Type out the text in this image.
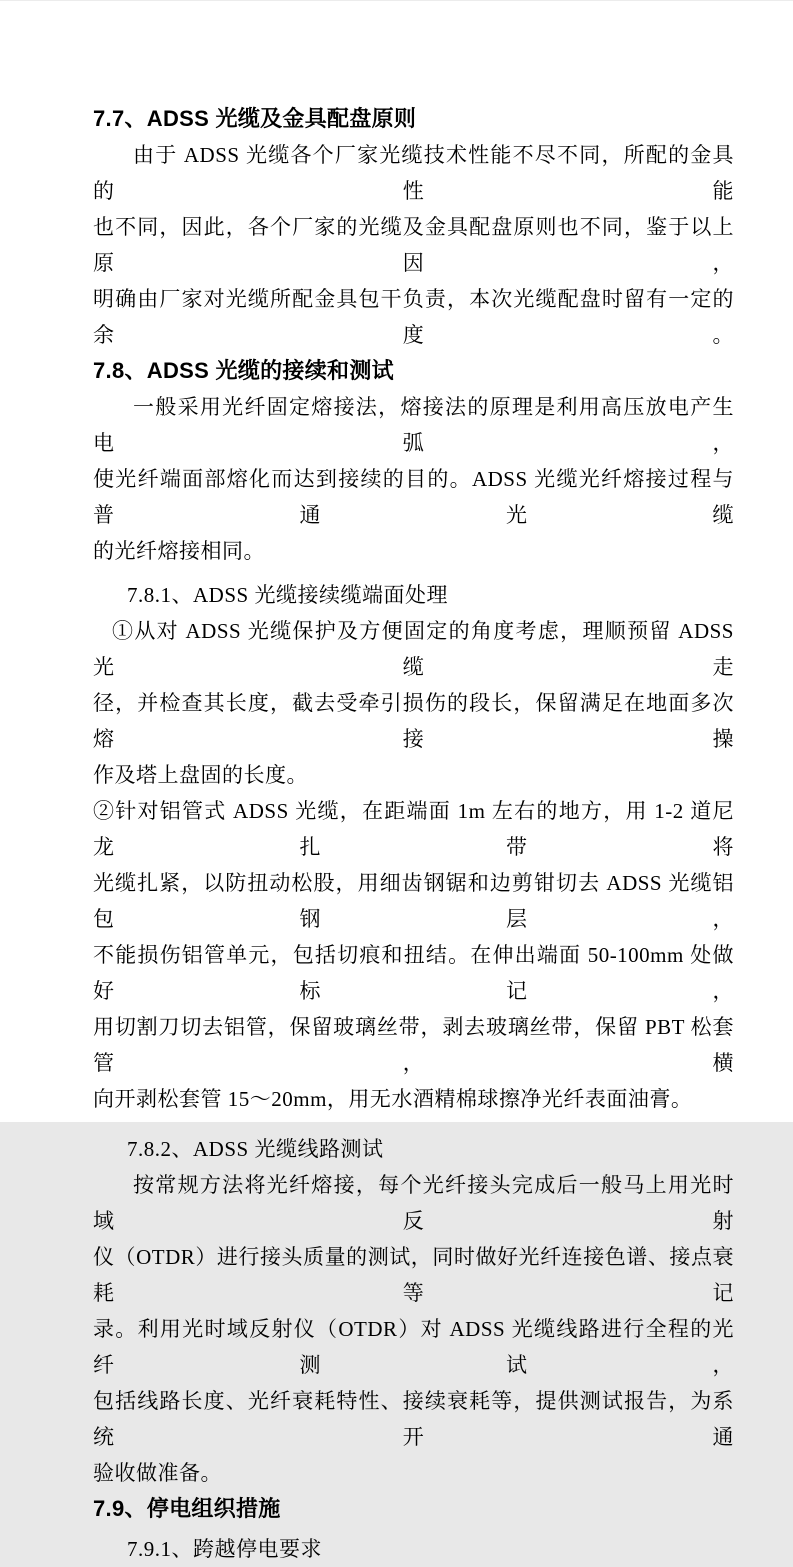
7.7、ADSS 光缆及金具配盘原则

由于 ADSS 光缆各个厂家光缆技术性能不尽不同，所配的金具的性能

也不同，因此，各个厂家的光缆及金具配盘原则也不同，鉴于以上原因，

明确由厂家对光缆所配金具包干负责，本次光缆配盘时留有一定的余度。

7.8、ADSS 光缆的接续和测试

一般采用光纤固定熔接法，熔接法的原理是利用高压放电产生电弧，

使光纤端面部熔化而达到接续的目的。ADSS 光缆光纤熔接过程与普通光缆

的光纤熔接相同。

7.8.1、ADSS 光缆接续缆端面处理

①从对 ADSS 光缆保护及方便固定的角度考虑，理顺预留 ADSS 光缆走

径，并检查其长度，截去受牵引损伤的段长，保留满足在地面多次熔接操

作及塔上盘固的长度。

②针对铝管式 ADSS 光缆，在距端面 1m 左右的地方，用 1-2 道尼龙扎带将

光缆扎紧，以防扭动松股，用细齿钢锯和边剪钳切去 ADSS 光缆铝包钢层，

不能损伤铝管单元，包括切痕和扭结。在伸出端面 50-100mm 处做好标记，

用切割刀切去铝管，保留玻璃丝带，剥去玻璃丝带，保留 PBT 松套管，横

向开剥松套管 15～20mm，用无水酒精棉球擦净光纤表面油膏。

7.8.2、ADSS 光缆线路测试

按常规方法将光纤熔接，每个光纤接头完成后一般马上用光时域反射

仪（OTDR）进行接头质量的测试，同时做好光纤连接色谱、接点衰耗等记

录。利用光时域反射仪（OTDR）对 ADSS 光缆线路进行全程的光纤测试，

包括线路长度、光纤衰耗特性、接续衰耗等，提供测试报告，为系统开通

验收做准备。

7.9、停电组织措施
7.9.1、跨越停电要求
